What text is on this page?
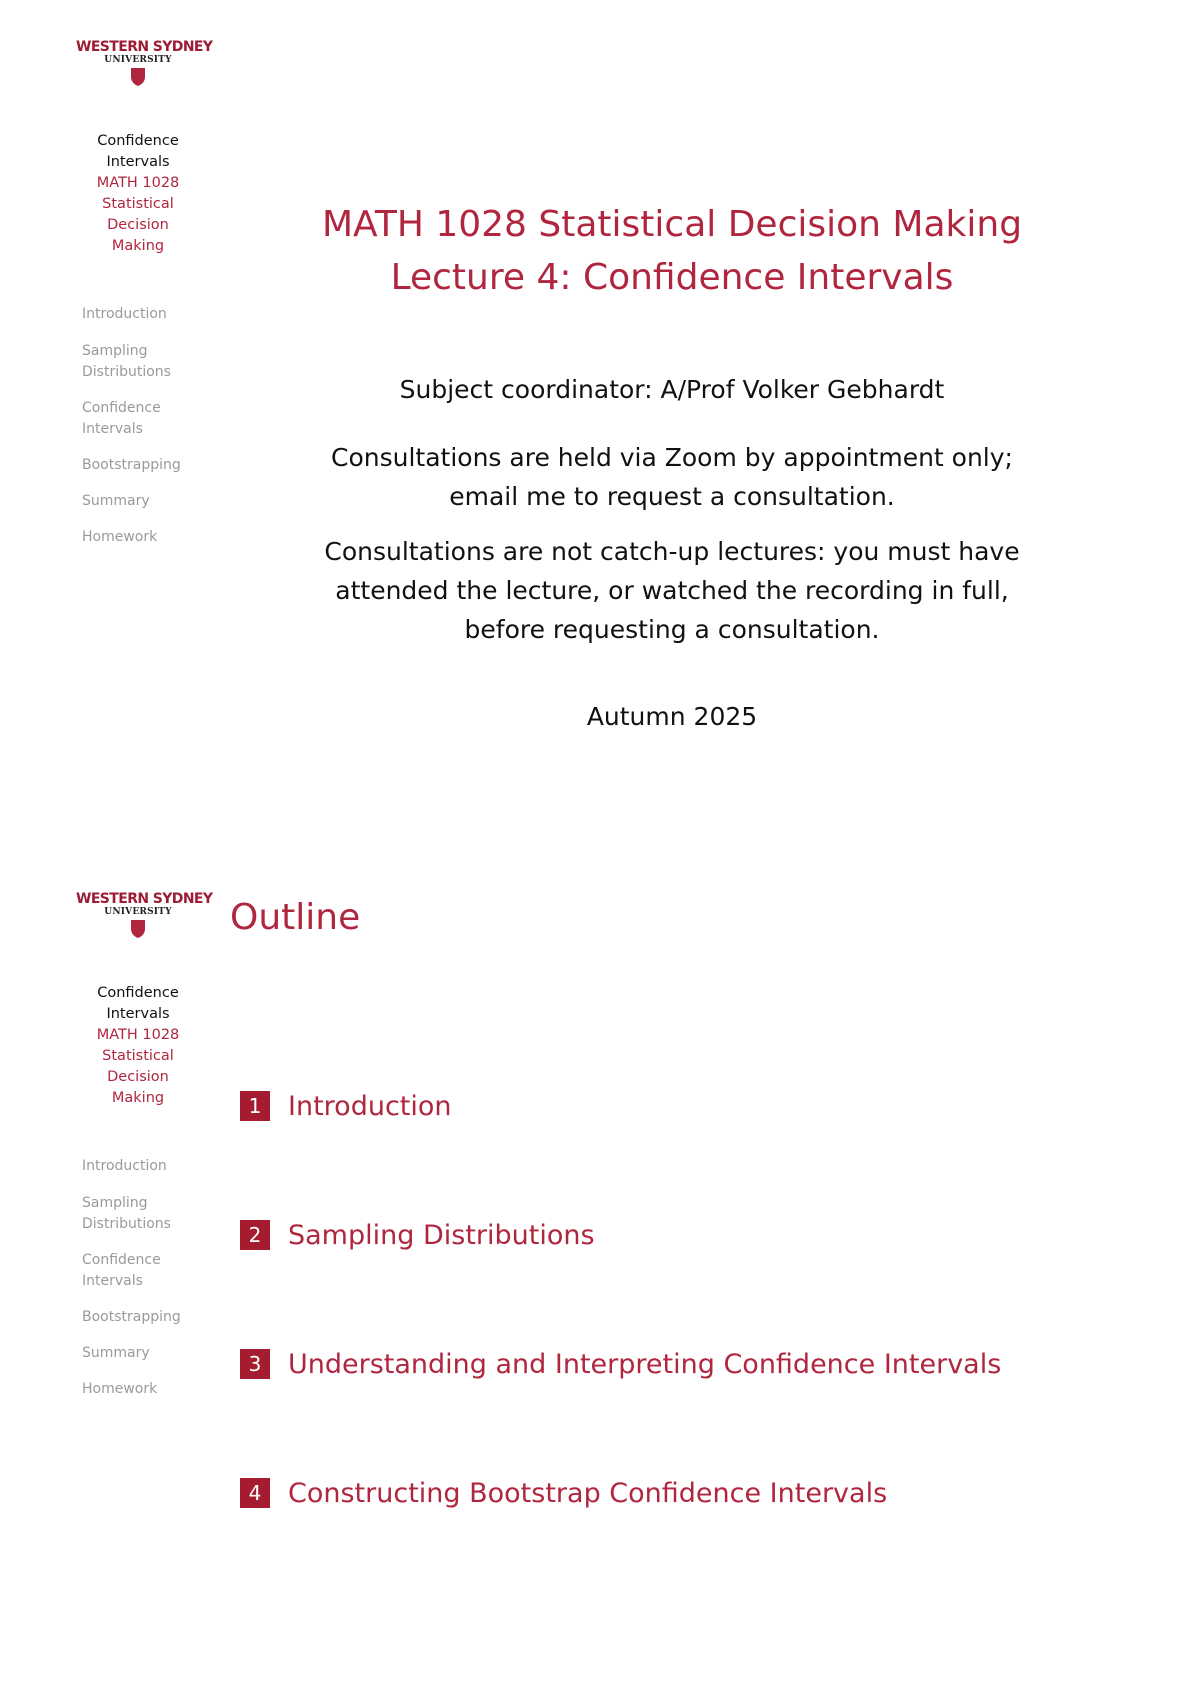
WESTERN SYDNEY
UNIVERSITY
Confidence
Intervals
MATH 1028
Statistical
Decision
Making
Introduction
Sampling
Distributions
Confidence
Intervals
Bootstrapping
Summary
Homework
MATH 1028 Statistical Decision Making
Lecture 4: Confidence Intervals
Subject coordinator: A/Prof Volker Gebhardt
Consultations are held via Zoom by appointment only;
email me to request a consultation.
Consultations are not catch-up lectures: you must have
attended the lecture, or watched the recording in full,
before requesting a consultation.
Autumn 2025
WESTERN SYDNEY
UNIVERSITY
Confidence
Intervals
MATH 1028
Statistical
Decision
Making
Introduction
Sampling
Distributions
Confidence
Intervals
Bootstrapping
Summary
Homework
Outline
1 Introduction
2 Sampling Distributions
3 Understanding and Interpreting Confidence Intervals
4 Constructing Bootstrap Confidence Intervals
